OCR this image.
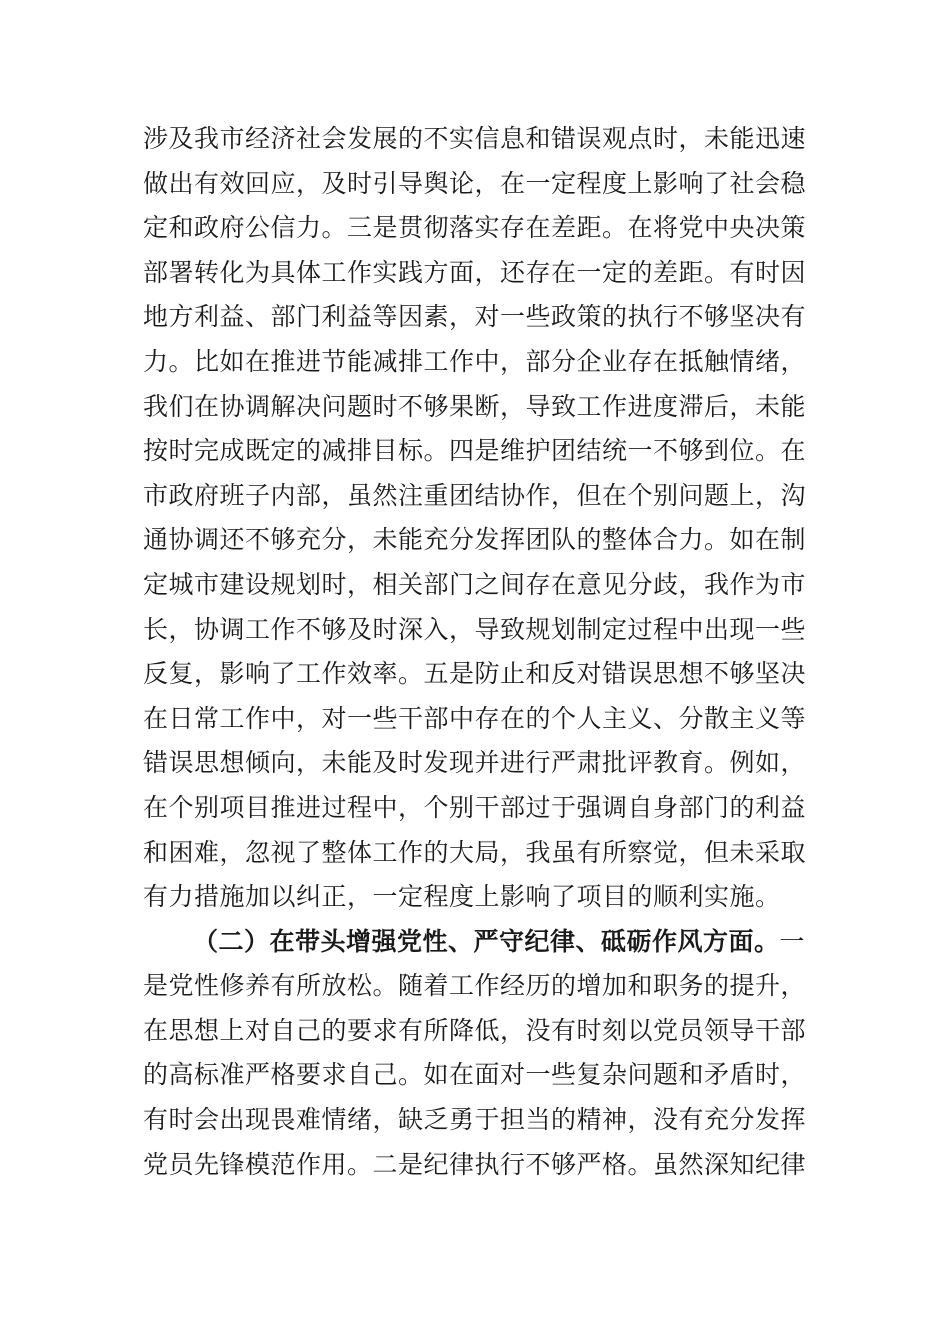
涉及我市经济社会发展的不实信息和错误观点时，未能迅速
做出有效回应，及时引导舆论，在一定程度上影响了社会稳
定和政府公信力。三是贯彻落实存在差距。在将党中央决策
部署转化为具体工作实践方面，还存在一定的差距。有时因
地方利益、部门利益等因素，对一些政策的执行不够坚决有
力。比如在推进节能减排工作中，部分企业存在抵触情绪，
我们在协调解决问题时不够果断，导致工作进度滞后，未能
按时完成既定的减排目标。四是维护团结统一不够到位。在
市政府班子内部，虽然注重团结协作，但在个别问题上，沟
通协调还不够充分，未能充分发挥团队的整体合力。如在制
定城市建设规划时，相关部门之间存在意见分歧，我作为市
长，协调工作不够及时深入，导致规划制定过程中出现一些
反复，影响了工作效率。五是防止和反对错误思想不够坚决
在日常工作中，对一些干部中存在的个人主义、分散主义等
错误思想倾向，未能及时发现并进行严肃批评教育。例如，
在个别项目推进过程中，个别干部过于强调自身部门的利益
和困难，忽视了整体工作的大局，我虽有所察觉，但未采取
有力措施加以纠正，一定程度上影响了项目的顺利实施。
（二）在带头增强党性、严守纪律、砥砺作风方面。一
是党性修养有所放松。随着工作经历的增加和职务的提升，
在思想上对自己的要求有所降低，没有时刻以党员领导干部
的高标准严格要求自己。如在面对一些复杂问题和矛盾时，
有时会出现畏难情绪，缺乏勇于担当的精神，没有充分发挥
党员先锋模范作用。二是纪律执行不够严格。虽然深知纪律
